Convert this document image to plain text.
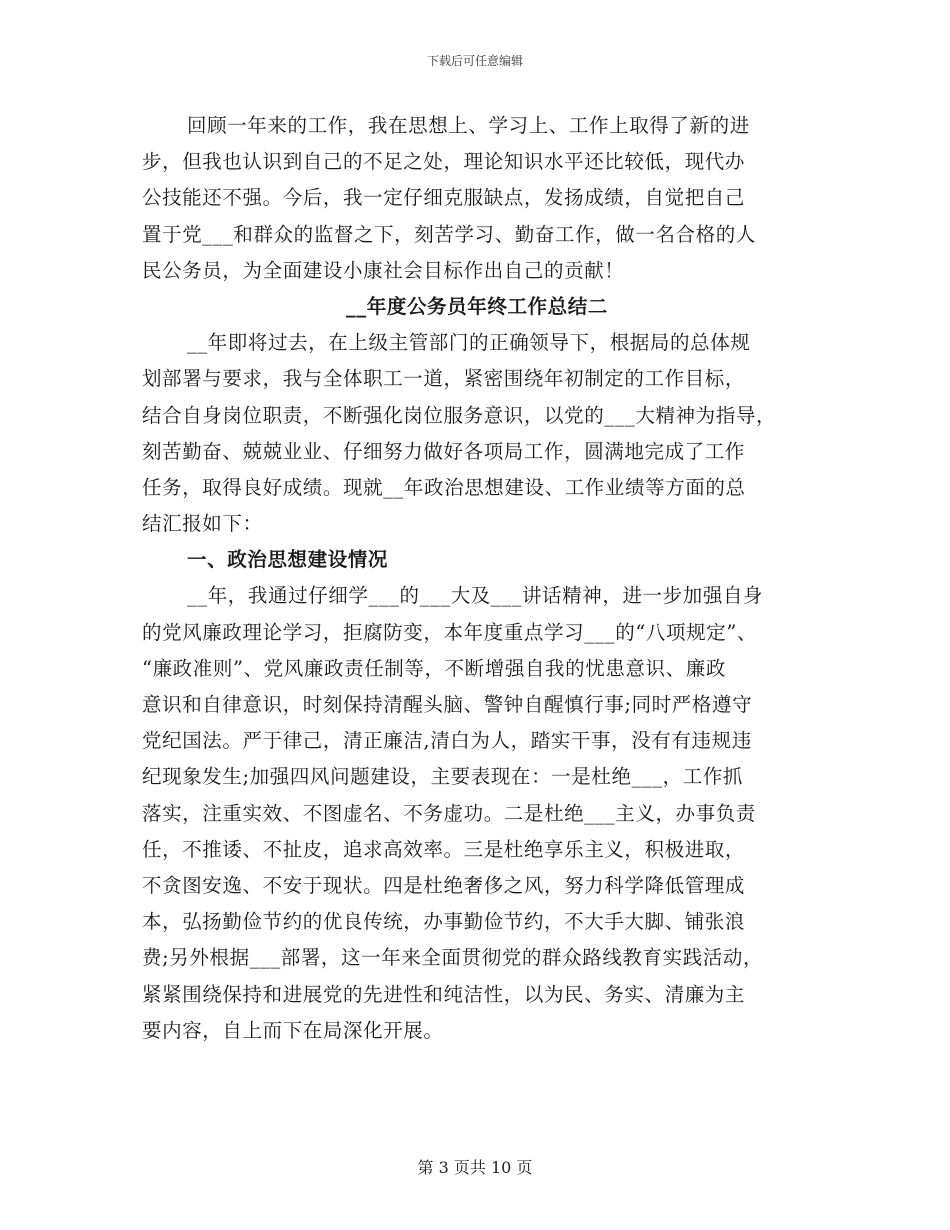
下载后可任意编辑
回顾一年来的工作，我在思想上、学习上、工作上取得了新的进
步，但我也认识到自己的不足之处，理论知识水平还比较低，现代办
公技能还不强。今后，我一定仔细克服缺点，发扬成绩，自觉把自己
置于党___和群众的监督之下，刻苦学习、勤奋工作，做一名合格的人
民公务员，为全面建设小康社会目标作出自己的贡献！
__年度公务员年终工作总结二
__年即将过去，在上级主管部门的正确领导下，根据局的总体规
划部署与要求，我与全体职工一道，紧密围绕年初制定的工作目标，
结合自身岗位职责，不断强化岗位服务意识，以党的___大精神为指导，
刻苦勤奋、兢兢业业、仔细努力做好各项局工作，圆满地完成了工作
任务，取得良好成绩。现就__年政治思想建设、工作业绩等方面的总
结汇报如下：
一、政治思想建设情况
__年，我通过仔细学___的___大及___讲话精神，进一步加强自身
的党风廉政理论学习，拒腐防变，本年度重点学习___的“八项规定”、
“廉政准则”、党风廉政责任制等，不断增强自我的忧患意识、廉政
意识和自律意识，时刻保持清醒头脑、警钟自醒慎行事;同时严格遵守
党纪国法。严于律己，清正廉洁,清白为人，踏实干事，没有有违规违
纪现象发生;加强四风问题建设，主要表现在：一是杜绝___，工作抓
落实，注重实效、不图虚名、不务虚功。二是杜绝___主义，办事负责
任，不推诿、不扯皮，追求高效率。三是杜绝享乐主义，积极进取，
不贪图安逸、不安于现状。四是杜绝奢侈之风，努力科学降低管理成
本，弘扬勤俭节约的优良传统，办事勤俭节约，不大手大脚、铺张浪
费;另外根据___部署，这一年来全面贯彻党的群众路线教育实践活动，
紧紧围绕保持和进展党的先进性和纯洁性，以为民、务实、清廉为主
要内容，自上而下在局深化开展。
第 3 页共 10 页
